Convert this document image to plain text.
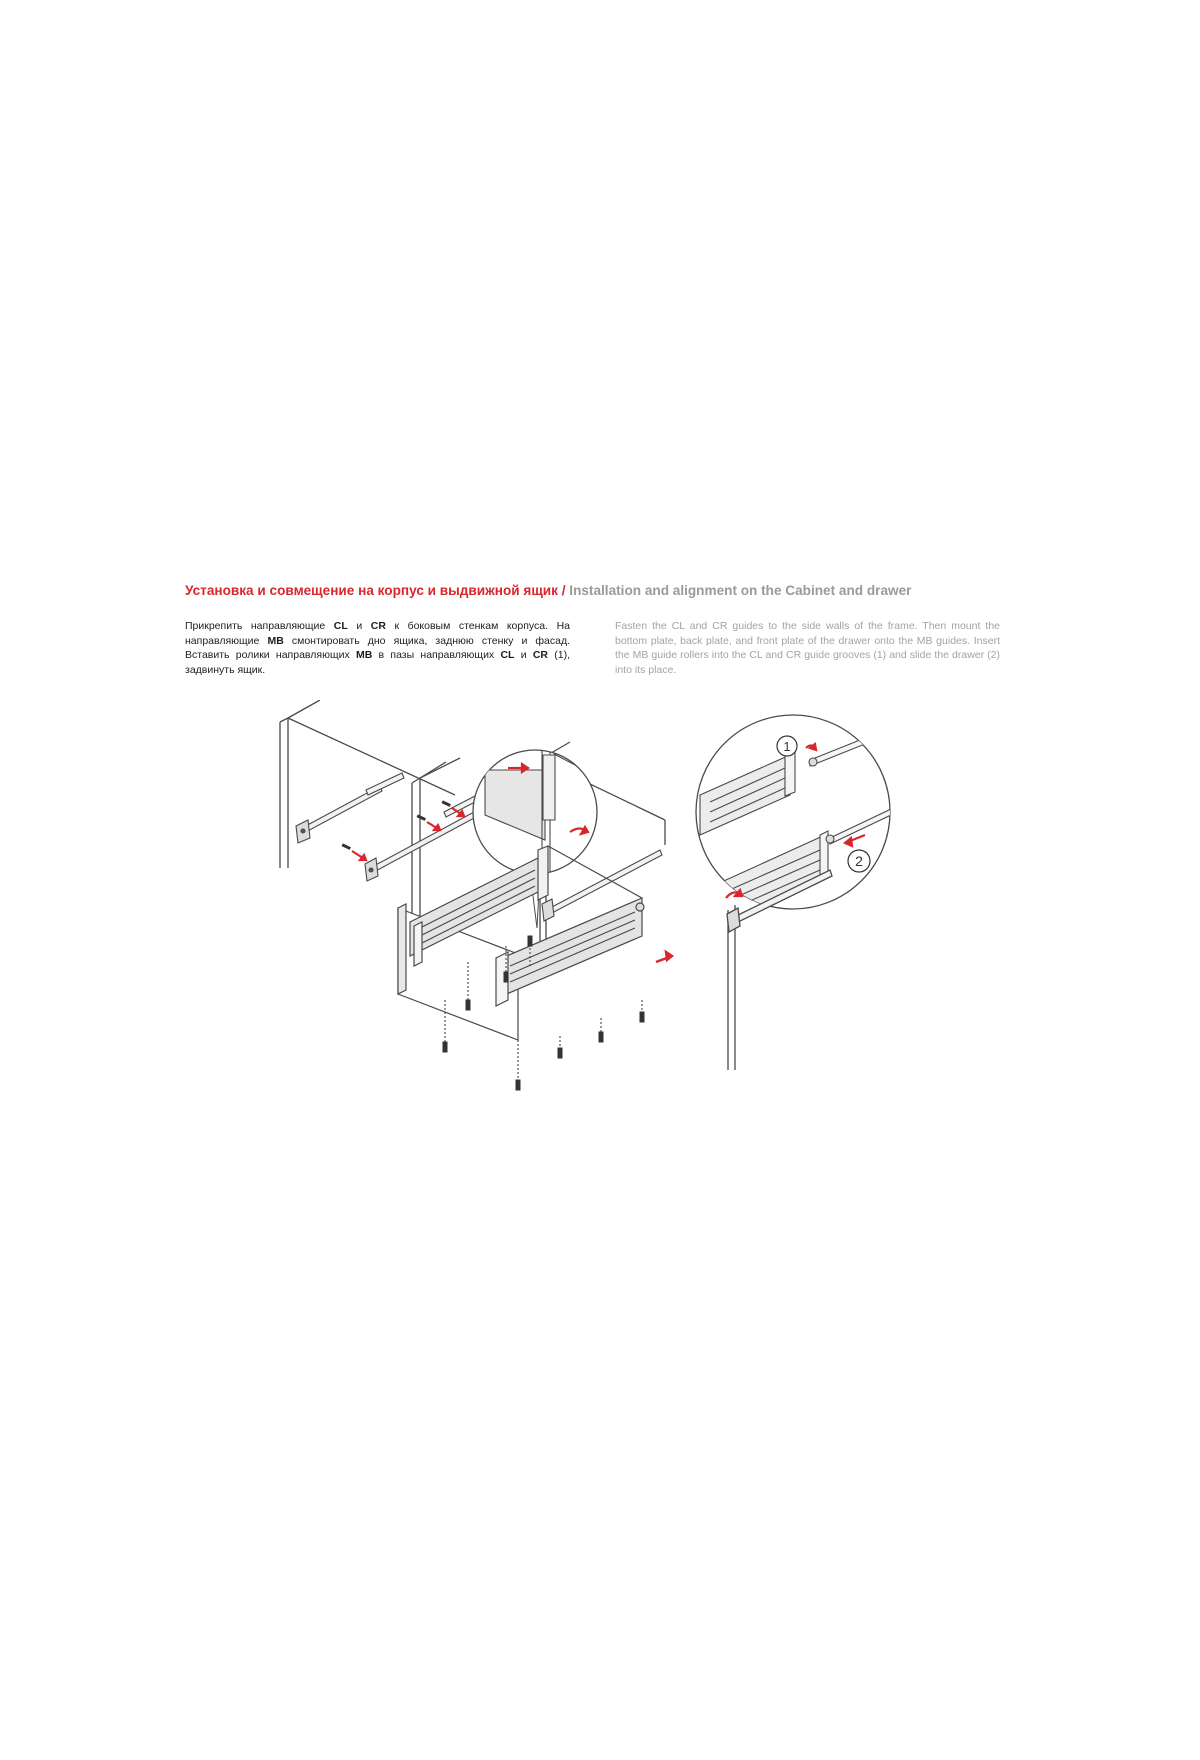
Установка и совмещение на корпус и выдвижной ящик / Installation and alignment on the Cabinet and drawer
Прикрепить направляющие CL и CR к боковым стенкам корпуса. На направляющие MB смонтировать дно ящика, заднюю стенку и фасад. Вставить ролики направляющих MB в пазы направляющих CL и CR (1), задвинуть ящик.
Fasten the CL and CR guides to the side walls of the frame. Then mount the bottom plate, back plate, and front plate of the drawer onto the MB guides. Insert the MB guide rollers into the CL and CR guide grooves (1) and slide the drawer (2) into its place.
1
2
